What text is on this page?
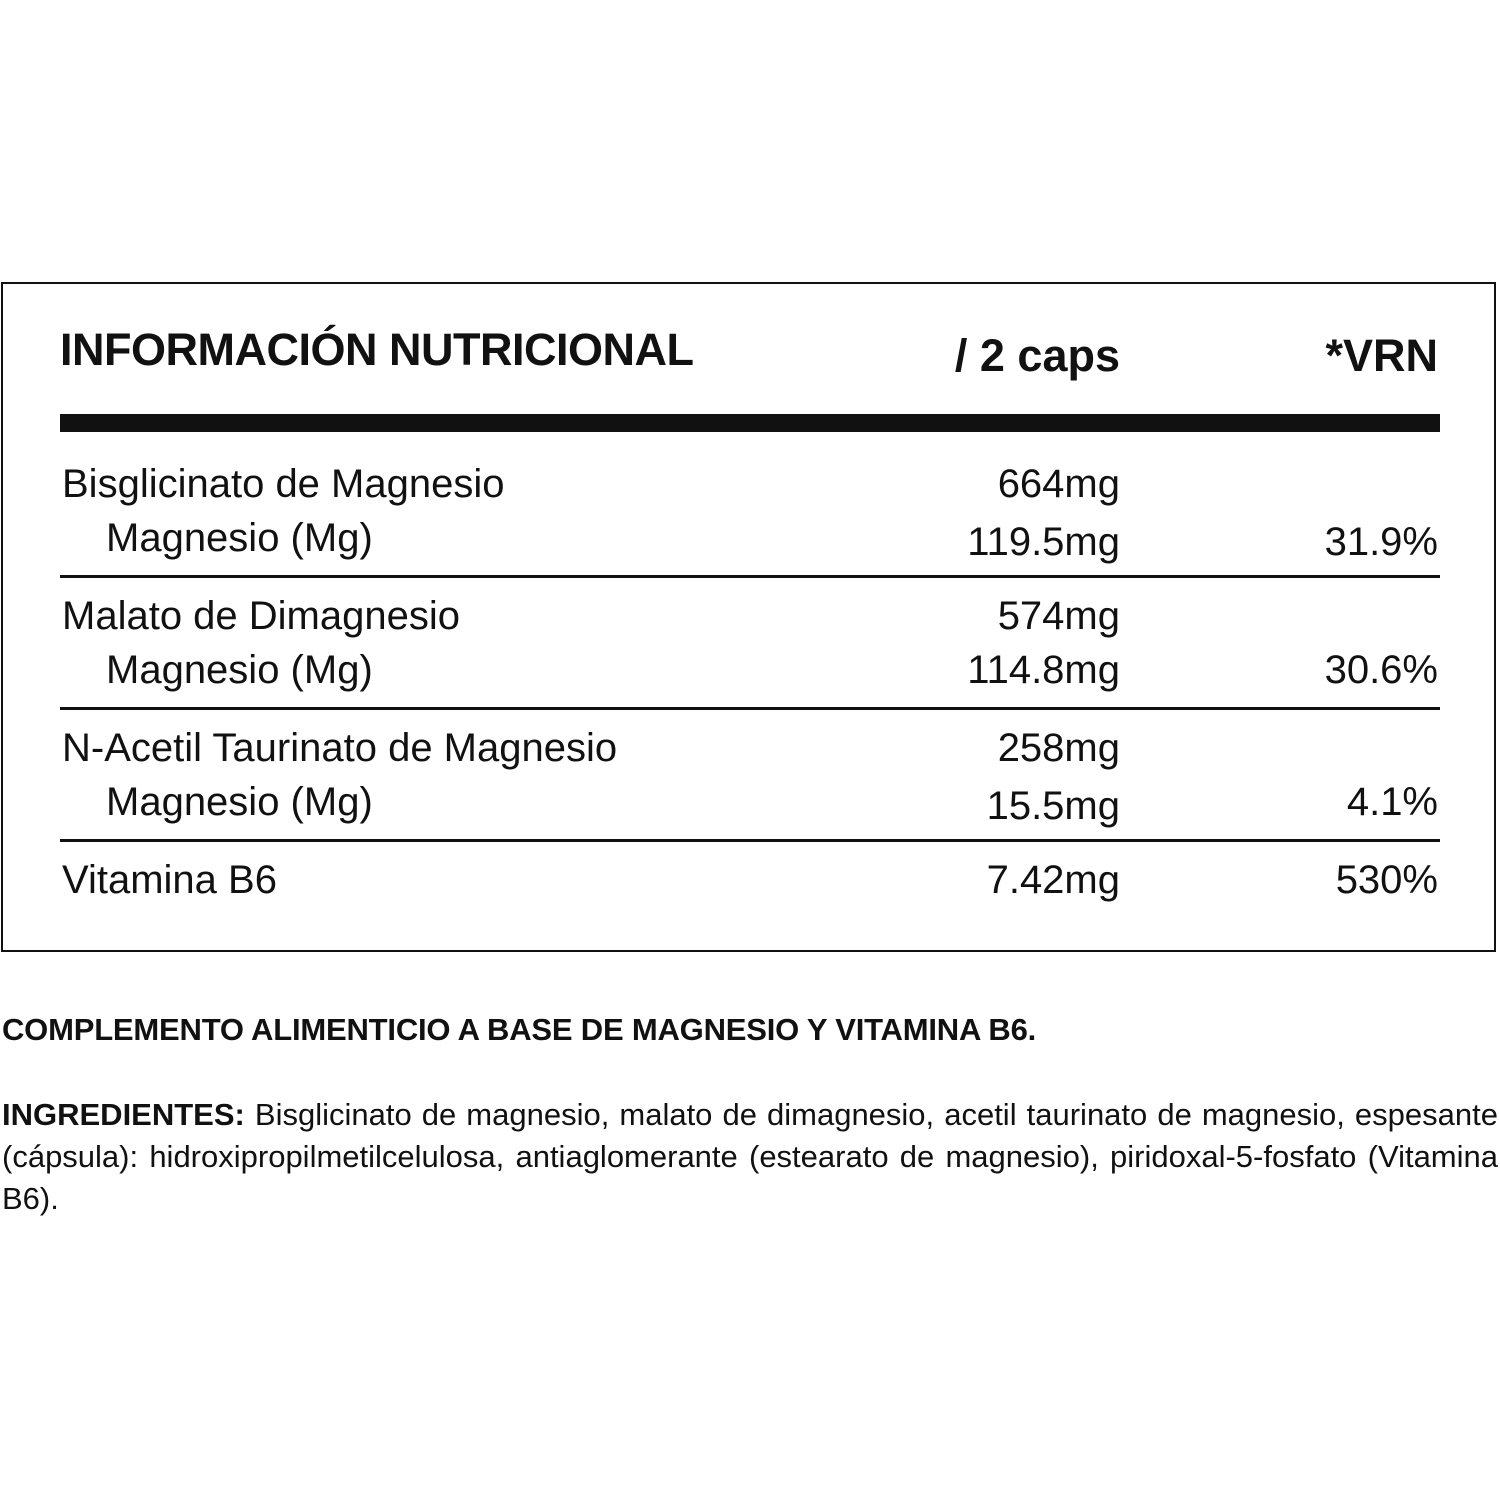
INFORMACIÓN NUTRICIONAL	/ 2 caps	*VRN
Bisglicinato de Magnesio	664mg
Magnesio (Mg)	119.5mg	31.9%
Malato de Dimagnesio	574mg
Magnesio (Mg)	114.8mg	30.6%
N-Acetil Taurinato de Magnesio	258mg
Magnesio (Mg)	15.5mg	4.1%
Vitamina B6	7.42mg	530%
COMPLEMENTO ALIMENTICIO A BASE DE MAGNESIO Y VITAMINA B6.

INGREDIENTES: Bisglicinato de magnesio, malato de dimagnesio, acetil taurinato de magnesio, espesante (cápsula): hidroxipropilmetilcelulosa, antiaglomerante (estearato de magnesio), piridoxal-5-fosfato (Vitamina B6).
